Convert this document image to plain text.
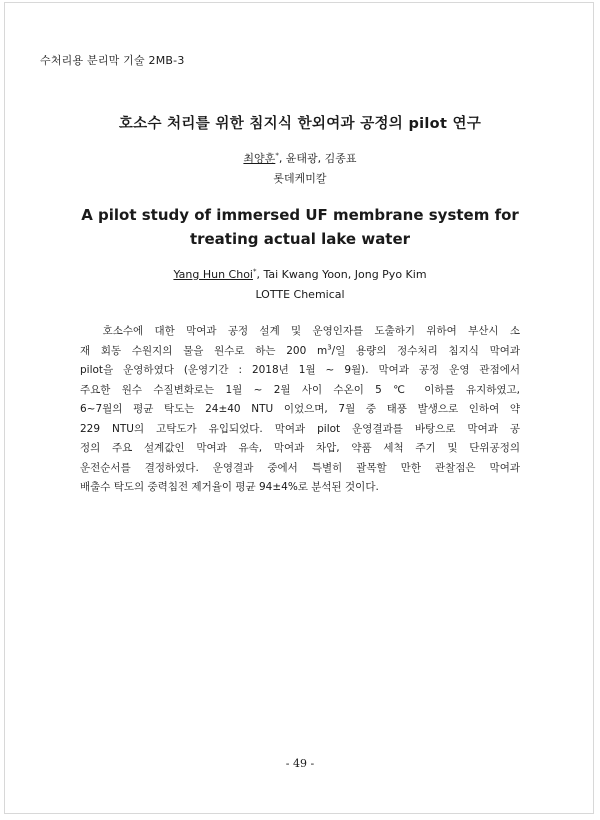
수처리용 분리막 기술 2MB-3
호소수 처리를 위한 침지식 한외여과 공정의 pilot 연구
최양훈*, 윤태광, 김종표
롯데케미칼
A pilot study of immersed UF membrane system for
treating actual lake water
Yang Hun Choi*, Tai Kwang Yoon, Jong Pyo Kim
LOTTE Chemical
호소수에 대한 막여과 공정 설계 및 운영인자를 도출하기 위하여 부산시 소
재 회동 수원지의 물을 원수로 하는 200 $m^3/$일 용량의 정수처리 침지식 막여과
pilot을 운영하였다 (운영기간 : 2018년 1월 ~ 9월). 막여과 공정 운영 관점에서
주요한 원수 수질변화로는 1월 ~ 2월 사이 수온이 5 ℃ 이하를 유지하였고,
6~7월의 평균 탁도는 24±40 NTU 이었으며, 7월 중 태풍 발생으로 인하여 약
229 NTU의 고탁도가 유입되었다. 막여과 pilot 운영결과를 바탕으로 막여과 공
정의 주요 설계값인 막여과 유속, 막여과 차압, 약품 세척 주기 및 단위공정의
운전순서를 결정하였다. 운영결과 중에서 특별히 괄목할 만한 관찰점은 막여과
배출수 탁도의 중력침전 제거율이 평균 94±4%로 분석된 것이다.
- 49 -
